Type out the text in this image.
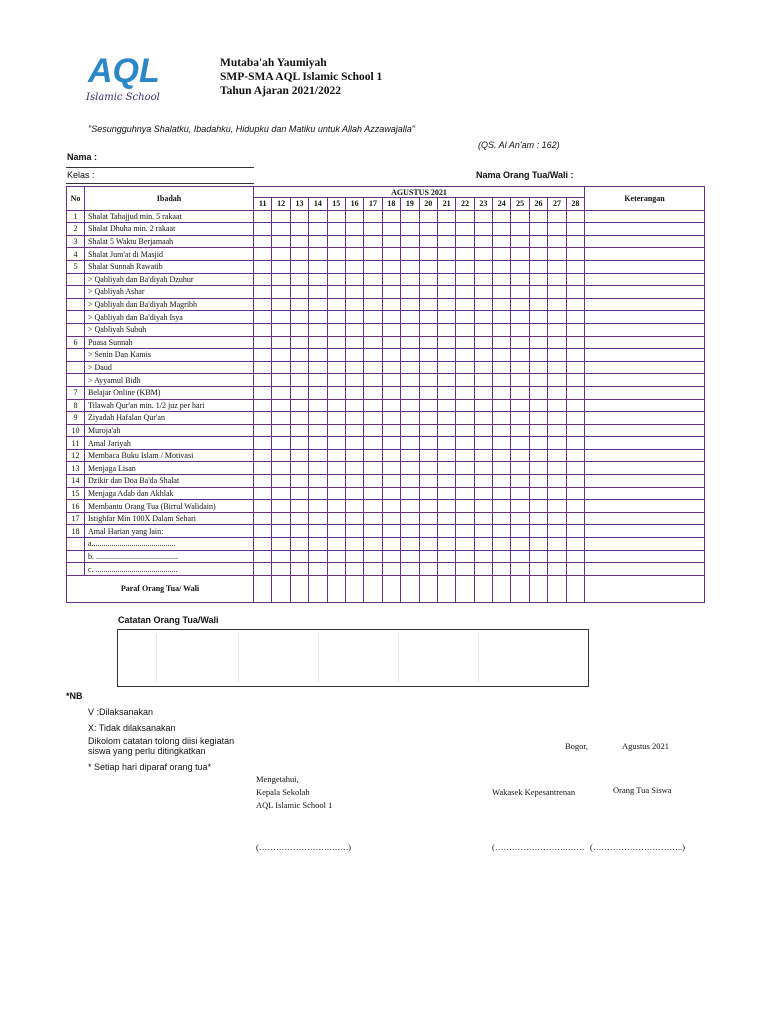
AQL
Islamic School
Mutaba'ah Yaumiyah
SMP-SMA AQL Islamic School 1
Tahun Ajaran 2021/2022
"Sesungguhnya Shalatku, Ibadahku, Hidupku dan Matiku untuk Allah Azzawajalla"
(QS. Al An'am : 162)
Nama :
Kelas :	Nama Orang Tua/Wali :
No	Ibadah	AGUSTUS 2021																		Keterangan
		11	12	13	14	15	16	17	18	19	20	21	22	23	24	25	26	27	28	
1	Shalat Tahajjud min. 5 rakaat																			
2	Shalat Dhuha min. 2 rakaat																			
3	Shalat 5 Waktu Berjamaah																			
4	Shalat Jum'at di Masjid																			
5	Shalat Sunnah Rawatib																			
	> Qabliyah dan Ba'diyah Dzuhur																			
	> Qabliyah Ashar																			
	> Qabliyah dan Ba'diyah Magribh																			
	> Qabliyah dan Ba'diyah Isya																			
	> Qabliyah Subuh																			
6	Puasa Sunnah																			
	> Senin Dan Kamis																			
	> Daud																			
	> Ayyamul Bidh																			
7	Belajar Online (KBM)																			
8	Tilawah Qur'an min. 1/2 juz per hari																			
9	Ziyadah Hafalan Qur'an																			
10	Muroja'ah																			
11	Amal Jariyah																			
12	Membaca Buku Islam / Motivasi																			
13	Menjaga Lisan																			
14	Dzikir dan Doa Ba'da Shalat																			
15	Menjaga Adab dan Akhlak																			
16	Membantu Orang Tua (Birrul Walidain)																			
17	Istighfar Min 100X Dalam Sehari																			
18	Amal Harian yang lain:																			
	a..........................................																			
	b. .........................................																			
	c. .........................................																			
Paraf Orang Tua/ Wali																				
Catatan Orang Tua/Wali
*NB
V :Dilaksanakan
X: Tidak dilaksanakan
Dikolom catatan tolong diisi kegiatan
siswa yang perlu ditingkatkan
* Setiap hari diparaf orang tua*
Bogor,	Agustus 2021
Mengetahui,
Kepala Sekolah
AQL Islamic School 1
Wakasek Kepesantrenan	Orang Tua Siswa
(…………………….…….)	(…………………….……. (…………………………..)
